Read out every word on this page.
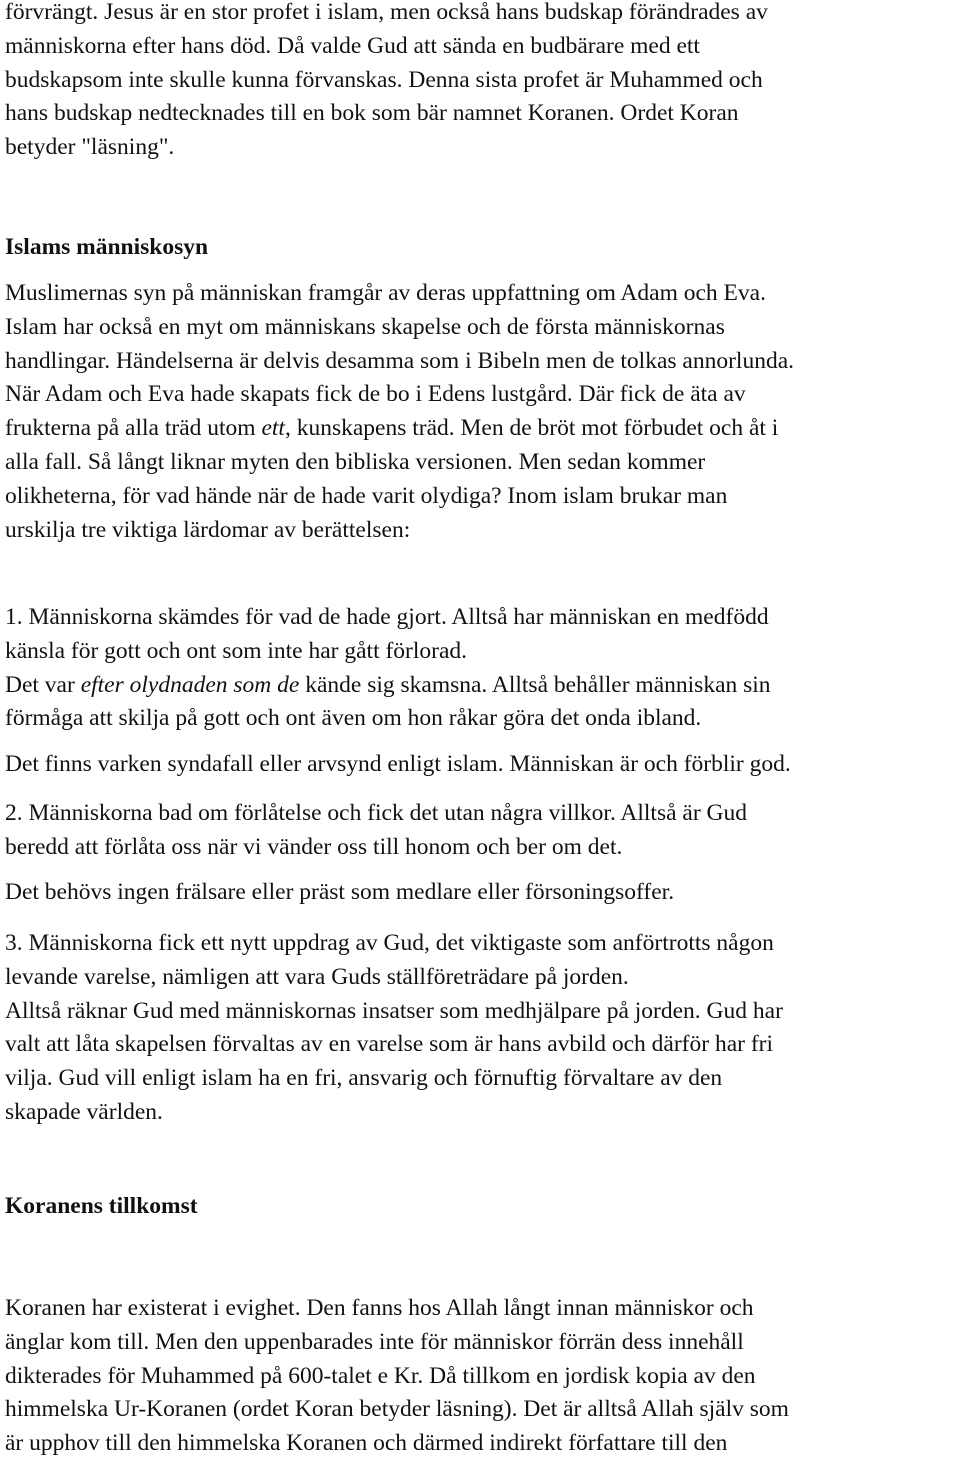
förvrängt. Jesus är en stor profet i islam, men också hans budskap förändrades av
människorna efter hans död. Då valde Gud att sända en budbärare med ett
budskapsom inte skulle kunna förvanskas. Denna sista profet är Muhammed och
hans budskap nedtecknades till en bok som bär namnet Koranen. Ordet Koran
betyder "läsning".

Islams människosyn

Muslimernas syn på människan framgår av deras uppfattning om Adam och Eva.
Islam har också en myt om människans skapelse och de första människornas
handlingar. Händelserna är delvis desamma som i Bibeln men de tolkas annorlunda.
När Adam och Eva hade skapats fick de bo i Edens lustgård. Där fick de äta av
frukterna på alla träd utom ett, kunskapens träd. Men de bröt mot förbudet och åt i
alla fall. Så långt liknar myten den bibliska versionen. Men sedan kommer
olikheterna, för vad hände när de hade varit olydiga? Inom islam brukar man
urskilja tre viktiga lärdomar av berättelsen:

1. Människorna skämdes för vad de hade gjort. Alltså har människan en medfödd
känsla för gott och ont som inte har gått förlorad.
Det var efter olydnaden som de kände sig skamsna. Alltså behåller människan sin
förmåga att skilja på gott och ont även om hon råkar göra det onda ibland.

Det finns varken syndafall eller arvsynd enligt islam. Människan är och förblir god.

2. Människorna bad om förlåtelse och fick det utan några villkor. Alltså är Gud
beredd att förlåta oss när vi vänder oss till honom och ber om det.

Det behövs ingen frälsare eller präst som medlare eller försoningsoffer.

3. Människorna fick ett nytt uppdrag av Gud, det viktigaste som anförtrotts någon
levande varelse, nämligen att vara Guds ställföreträdare på jorden.
Alltså räknar Gud med människornas insatser som medhjälpare på jorden. Gud har
valt att låta skapelsen förvaltas av en varelse som är hans avbild och därför har fri
vilja. Gud vill enligt islam ha en fri, ansvarig och förnuftig förvaltare av den
skapade världen.

Koranens tillkomst

Koranen har existerat i evighet. Den fanns hos Allah långt innan människor och
änglar kom till. Men den uppenbarades inte för människor förrän dess innehåll
dikterades för Muhammed på 600-talet e Kr. Då tillkom en jordisk kopia av den
himmelska Ur-Koranen (ordet Koran betyder läsning). Det är alltså Allah själv som
är upphov till den himmelska Koranen och därmed indirekt författare till den
